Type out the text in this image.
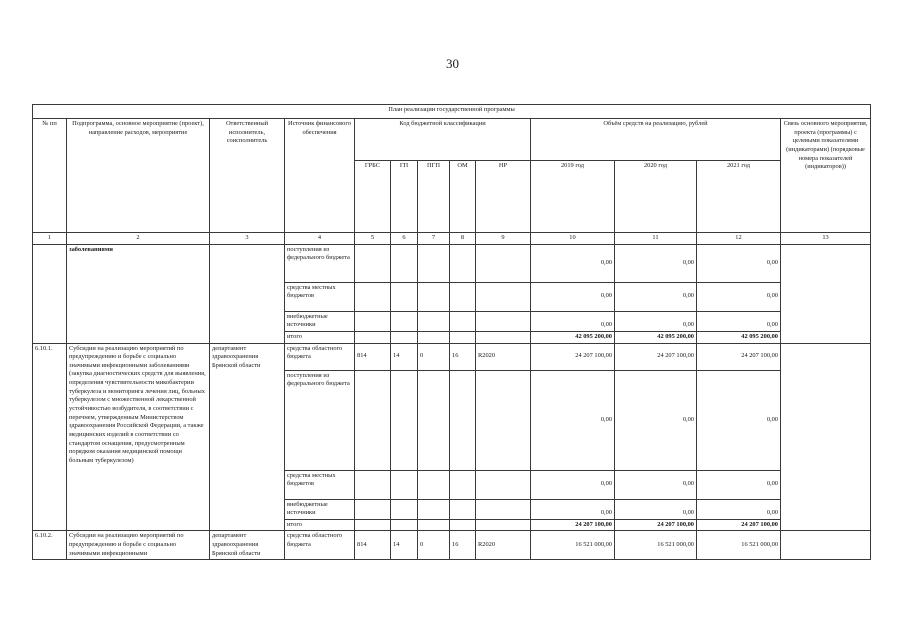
30
План реализации государственной программы												
№ пп	Подпрограмма, основное мероприятие (проект), направление расходов, мероприятие	Ответственный исполнитель, соисполнитель	Источник финансового обеспечения	Код бюджетной классификации					Объём средств на реализацию, рублей			Связь основного мероприятия, проекта (программы) с целевыми показателями (индикаторами) (порядковые номера показателей (индикаторов))
				ГРБС	ГП	ПГП	ОМ	НР	2019 год	2020 год	2021 год	
1	2	3	4	5	6	7	8	9	10	11	12	13
	заболеваниями		поступления из федерального бюджета						0,00	0,00	0,00	
			средства местных бюджетов						0,00	0,00	0,00	
			внебюджетные источники						0,00	0,00	0,00	
			итого						42 095 200,00	42 095 200,00	42 095 200,00	
6.10.1.	Субсидии на реализацию мероприятий по предупреждению и борьбе с социально значимыми инфекционными заболеваниями (закупка диагностических средств для выявления, определения чувствительности микобактерии туберкулеза и мониторинга лечения лиц, больных туберкулезом с множественной лекарственной устойчивостью возбудителя, в соответствии с перечнем, утвержденным Министерством здравоохранения Российской Федерации, а также медицинских изделий в соответствии со стандартом оснащения, предусмотренным порядком оказания медицинской помощи больным туберкулезом)	департамент здравоохранения Брянской области	средства областного бюджета	814	14	0	16	R2020	24 207 100,00	24 207 100,00	24 207 100,00	
			поступления из федерального бюджета						0,00	0,00	0,00	
			средства местных бюджетов						0,00	0,00	0,00	
			внебюджетные источники						0,00	0,00	0,00	
			итого						24 207 100,00	24 207 100,00	24 207 100,00	
6.10.2.	Субсидии на реализацию мероприятий по предупреждению и борьбе с социально значимыми инфекционными	департамент здравоохранения Брянской области	средства областного бюджета	814	14	0	16	R2020	16 521 000,00	16 521 000,00	16 521 000,00	
